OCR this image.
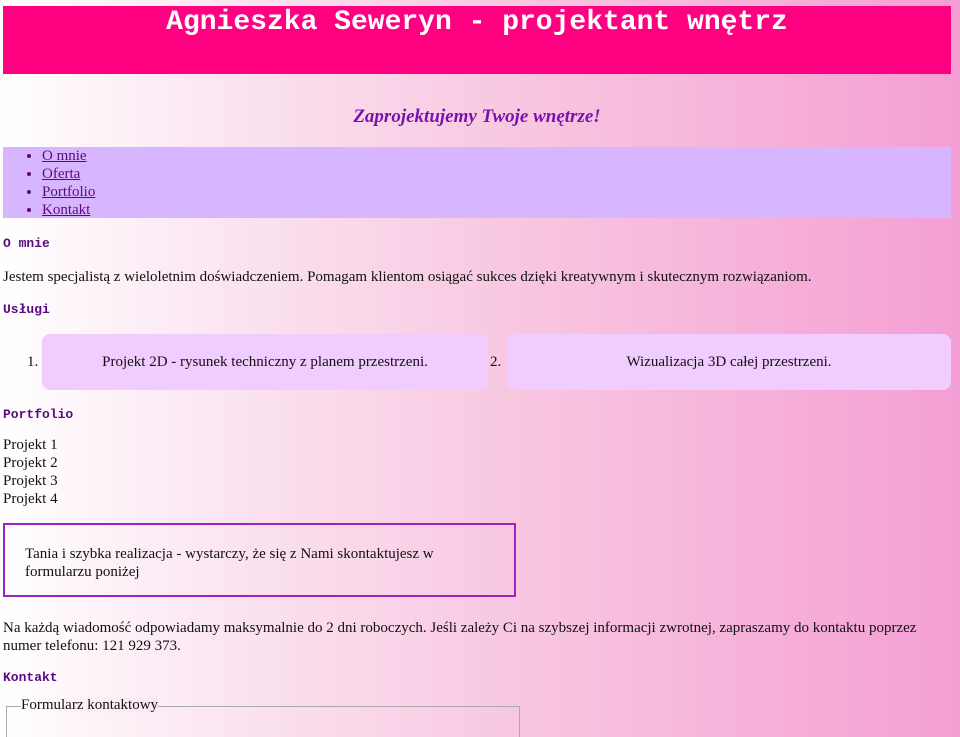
Agnieszka Seweryn - projektant wnętrz
Zaprojektujemy Twoje wnętrze!
• O mnie
• Oferta
• Portfolio
• Kontakt
O mnie

Jestem specjalistą z wieloletnim doświadczeniem. Pomagam klientom osiągać sukces dzięki kreatywnym i skutecznym rozwiązaniom.

Usługi
1.	Projekt 2D - rysunek techniczny z planem przestrzeni.	2.	Wizualizacja 3D całej przestrzeni.
Portfolio
Projekt 1
Projekt 2
Projekt 3
Projekt 4
Tania i szybka realizacja - wystarczy, że się z Nami skontaktujesz w formularzu poniżej

Na każdą wiadomość odpowiadamy maksymalnie do 2 dni roboczych. Jeśli zależy Ci na szybszej informacji zwrotnej, zapraszamy do kontaktu poprzez numer telefonu: 121 929 373.

Kontakt
Formularz kontaktowy
